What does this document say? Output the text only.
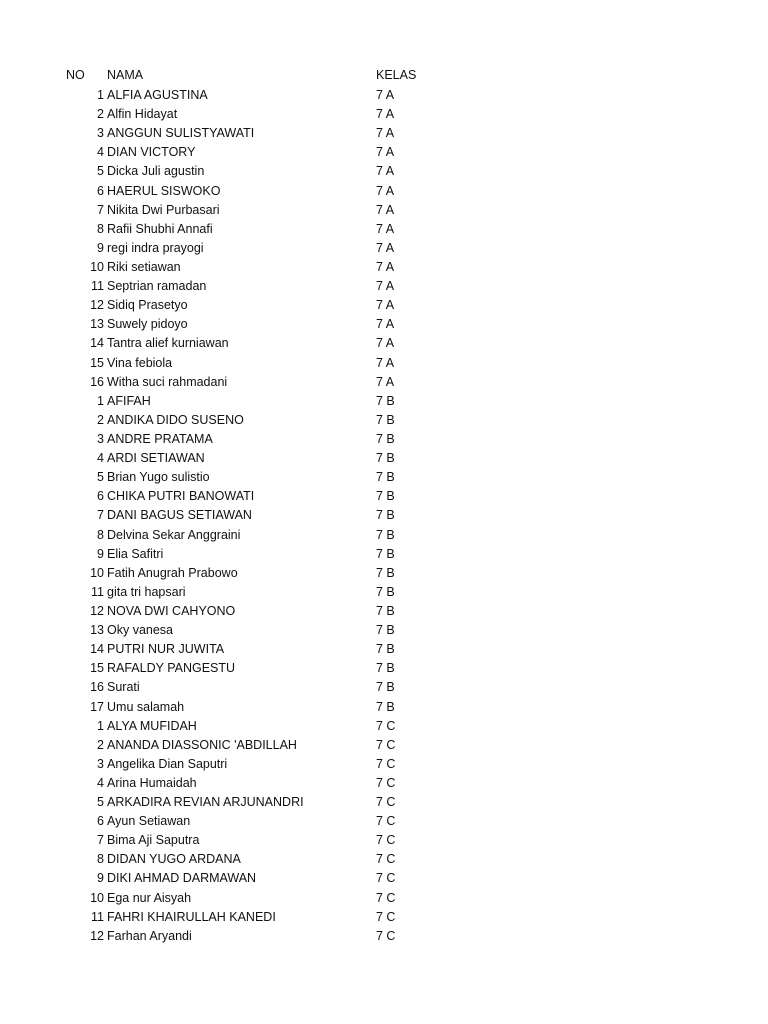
NO NAMA	KELAS
1 ALFIA AGUSTINA	7 A
2 Alfin Hidayat	7 A
3 ANGGUN SULISTYAWATI	7 A
4 DIAN VICTORY	7 A
5 Dicka Juli agustin	7 A
6 HAERUL SISWOKO	7 A
7 Nikita Dwi Purbasari	7 A
8 Rafii Shubhi Annafi	7 A
9 regi indra prayogi	7 A
10 Riki setiawan	7 A
11 Septrian ramadan	7 A
12 Sidiq Prasetyo	7 A
13 Suwely pidoyo	7 A
14 Tantra alief kurniawan	7 A
15 Vina febiola	7 A
16 Witha suci rahmadani	7 A
1 AFIFAH	7 B
2 ANDIKA DIDO SUSENO	7 B
3 ANDRE PRATAMA	7 B
4 ARDI SETIAWAN	7 B
5 Brian Yugo sulistio	7 B
6 CHIKA PUTRI BANOWATI	7 B
7 DANI BAGUS SETIAWAN	7 B
8 Delvina Sekar Anggraini	7 B
9 Elia Safitri	7 B
10 Fatih Anugrah Prabowo	7 B
11 gita tri hapsari	7 B
12 NOVA DWI CAHYONO	7 B
13 Oky vanesa	7 B
14 PUTRI NUR JUWITA	7 B
15 RAFALDY PANGESTU	7 B
16 Surati	7 B
17 Umu salamah	7 B
1 ALYA MUFIDAH	7 C
2 ANANDA DIASSONIC 'ABDILLAH	7 C
3 Angelika Dian Saputri	7 C
4 Arina Humaidah	7 C
5 ARKADIRA REVIAN ARJUNANDRI	7 C
6 Ayun Setiawan	7 C
7 Bima Aji Saputra	7 C
8 DIDAN YUGO ARDANA	7 C
9 DIKI AHMAD DARMAWAN	7 C
10 Ega nur Aisyah	7 C
11 FAHRI KHAIRULLAH KANEDI	7 C
12 Farhan Aryandi	7 C
